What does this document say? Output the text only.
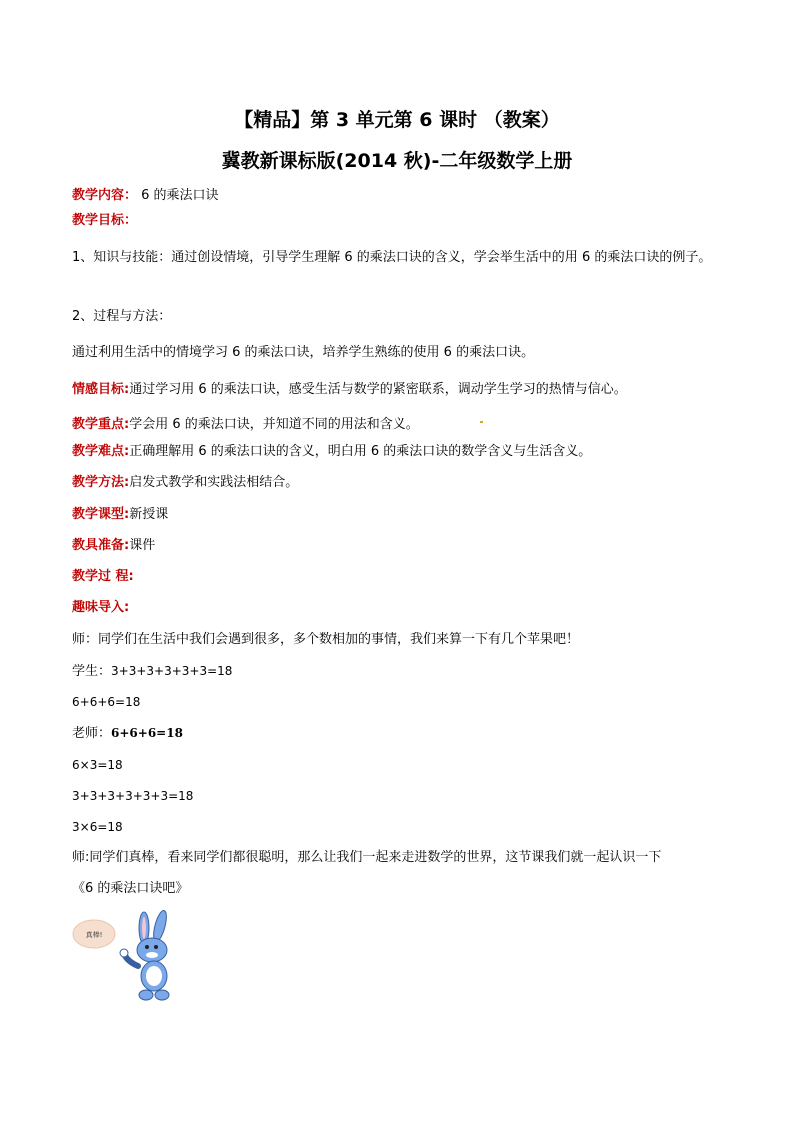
【精品】第 3 单元第 6 课时 （教案）
冀教新课标版(2014 秋)-二年级数学上册
教学内容： 6 的乘法口诀
教学目标：
1、知识与技能：通过创设情境，引导学生理解 6 的乘法口诀的含义，学会举生活中的用 6 的乘法口诀的例子。
2、过程与方法：
通过利用生活中的情境学习 6 的乘法口诀，培养学生熟练的使用 6 的乘法口诀。
情感目标:通过学习用 6 的乘法口诀，感受生活与数学的紧密联系，调动学生学习的热情与信心。
教学重点:学会用 6 的乘法口诀，并知道不同的用法和含义。
教学难点:正确理解用 6 的乘法口诀的含义，明白用 6 的乘法口诀的数学含义与生活含义。
教学方法:启发式教学和实践法相结合。
教学课型:新授课
教具准备:课件
教学过 程:
趣味导入:
师：同学们在生活中我们会遇到很多，多个数相加的事情，我们来算一下有几个苹果吧！
学生：3+3+3+3+3+3=18
6+6+6=18
老师：6+6+6=18
6×3=18
3+3+3+3+3+3=18
3×6=18
师:同学们真棒，看来同学们都很聪明，那么让我们一起来走进数学的世界，这节课我们就一起认识一下
《6 的乘法口诀吧》
真棒!
